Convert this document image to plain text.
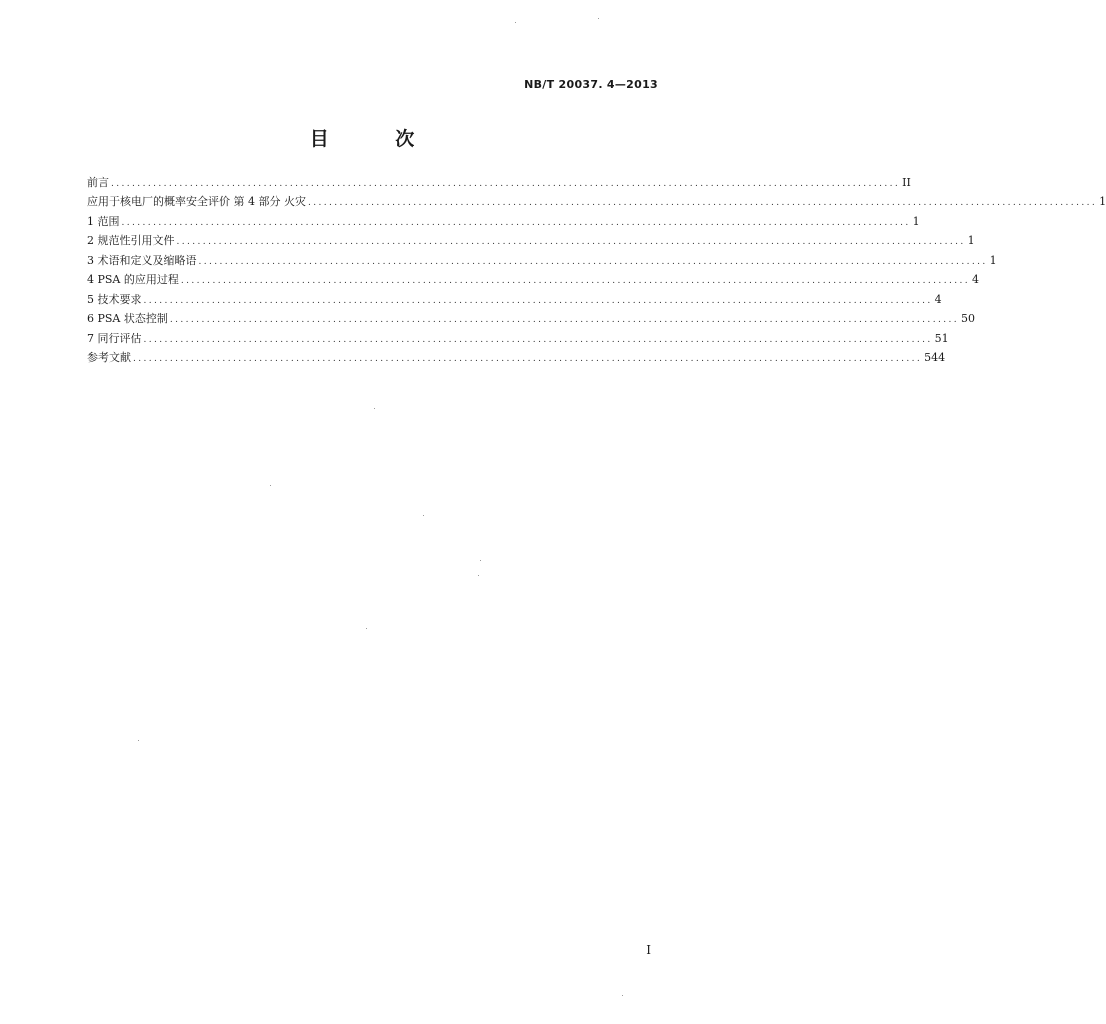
NB/T 20037. 4—2013
目 次
前言 ...................................................................................................................................................... II
应用于核电厂的概率安全评价 第 4 部分 火灾 ...................................................................................................................................................... 1
1 范围 ...................................................................................................................................................... 1
2 规范性引用文件 ...................................................................................................................................................... 1
3 术语和定义及缩略语 ...................................................................................................................................................... 1
4 PSA 的应用过程 ...................................................................................................................................................... 4
5 技术要求 ...................................................................................................................................................... 4
6 PSA 状态控制 ...................................................................................................................................................... 50
7 同行评估 ...................................................................................................................................................... 51
参考文献 ...................................................................................................................................................... 544
I
